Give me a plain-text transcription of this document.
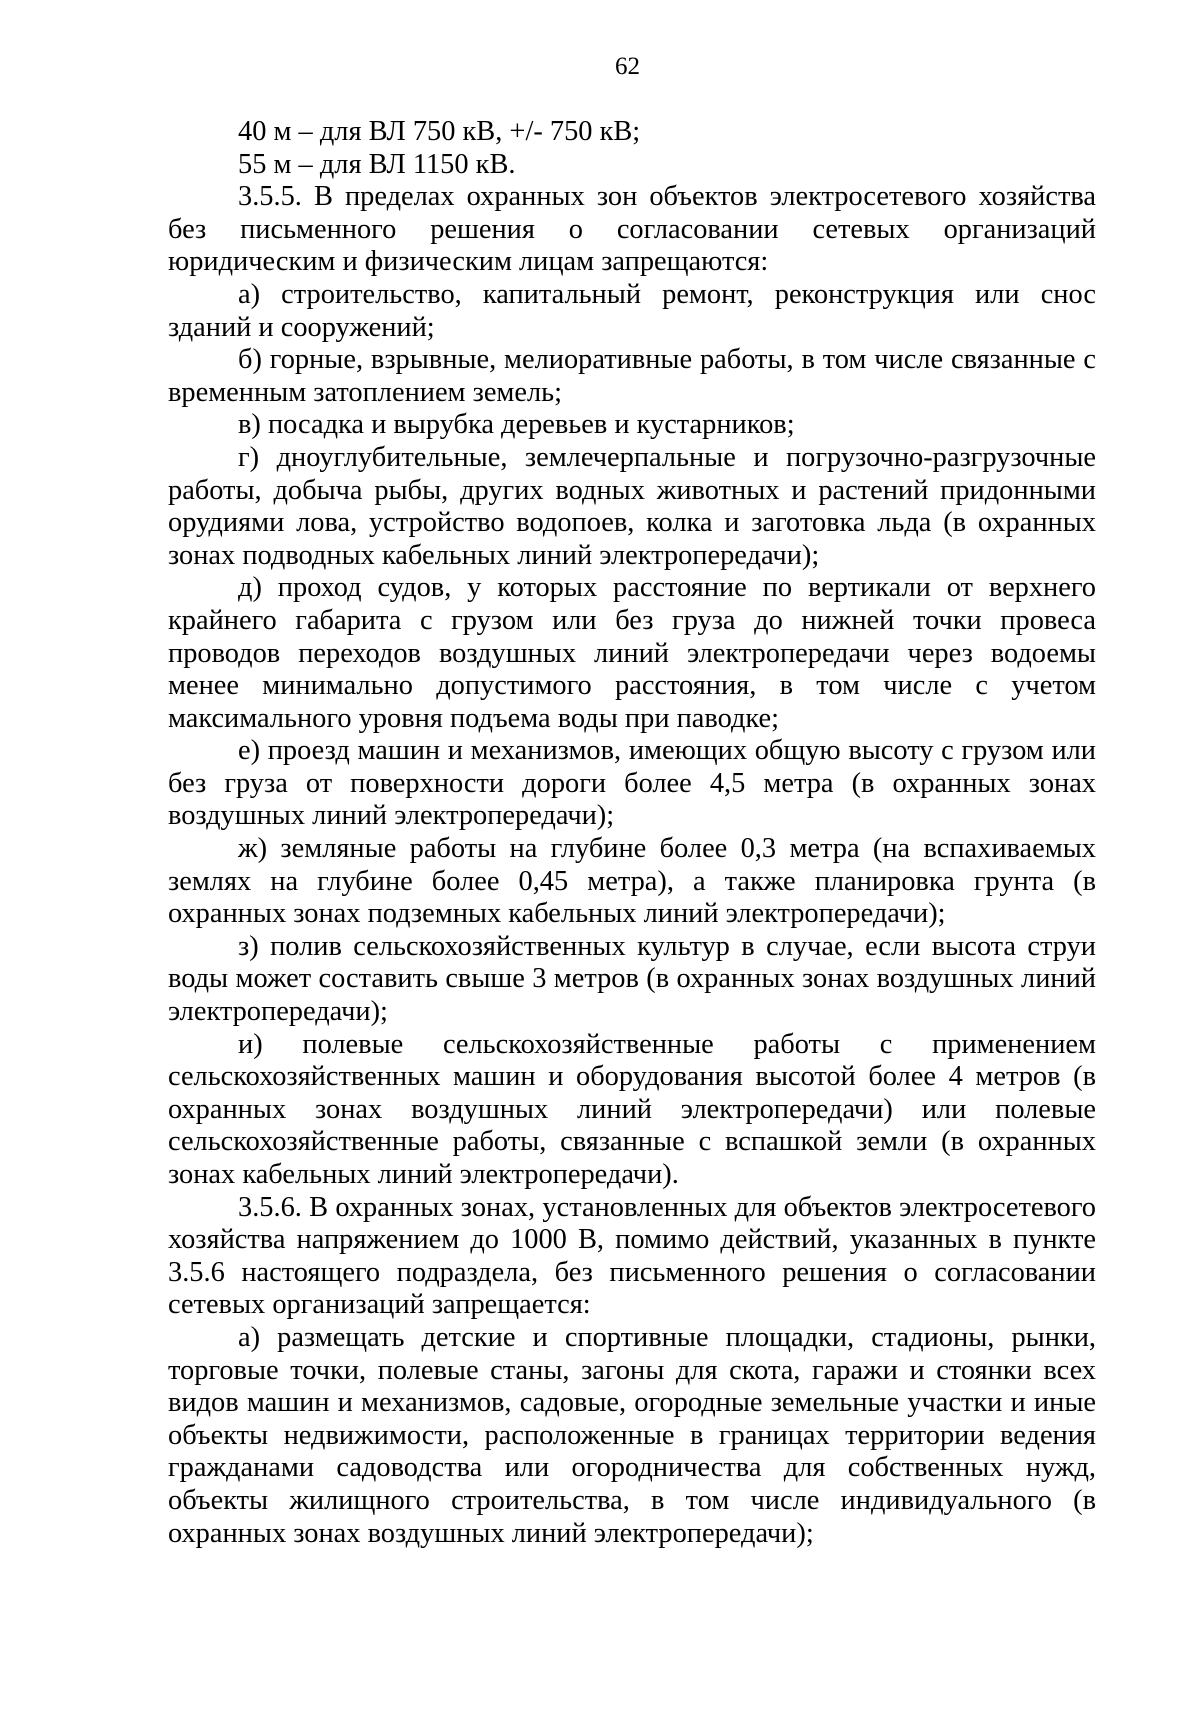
62

40 м – для ВЛ 750 кВ, +/- 750 кВ;

55 м – для ВЛ 1150 кВ.

3.5.5. В пределах охранных зон объектов электросетевого хозяйства без письменного решения о согласовании сетевых организаций юридическим и физическим лицам запрещаются:

а) строительство, капитальный ремонт, реконструкция или снос зданий и сооружений;

б) горные, взрывные, мелиоративные работы, в том числе связанные с временным затоплением земель;

в) посадка и вырубка деревьев и кустарников;

г) дноуглубительные, землечерпальные и погрузочно-разгрузочные работы, добыча рыбы, других водных животных и растений придонными орудиями лова, устройство водопоев, колка и заготовка льда (в охранных зонах подводных кабельных линий электропередачи);

д) проход судов, у которых расстояние по вертикали от верхнего крайнего габарита с грузом или без груза до нижней точки провеса проводов переходов воздушных линий электропередачи через водоемы менее минимально допустимого расстояния, в том числе с учетом максимального уровня подъема воды при паводке;

е) проезд машин и механизмов, имеющих общую высоту с грузом или без груза от поверхности дороги более 4,5 метра (в охранных зонах воздушных линий электропередачи);

ж) земляные работы на глубине более 0,3 метра (на вспахиваемых землях на глубине более 0,45 метра), а также планировка грунта (в охранных зонах подземных кабельных линий электропередачи);

з) полив сельскохозяйственных культур в случае, если высота струи воды может составить свыше 3 метров (в охранных зонах воздушных линий электропередачи);

и) полевые сельскохозяйственные работы с применением сельскохозяйственных машин и оборудования высотой более 4 метров (в охранных зонах воздушных линий электропередачи) или полевые сельскохозяйственные работы, связанные с вспашкой земли (в охранных зонах кабельных линий электропередачи).

3.5.6. В охранных зонах, установленных для объектов электросетевого хозяйства напряжением до 1000 В, помимо действий, указанных в пункте 3.5.6 настоящего подраздела, без письменного решения о согласовании сетевых организаций запрещается:

а) размещать детские и спортивные площадки, стадионы, рынки, торговые точки, полевые станы, загоны для скота, гаражи и стоянки всех видов машин и механизмов, садовые, огородные земельные участки и иные объекты недвижимости, расположенные в границах территории ведения гражданами садоводства или огородничества для собственных нужд, объекты жилищного строительства, в том числе индивидуального (в охранных зонах воздушных линий электропередачи);
